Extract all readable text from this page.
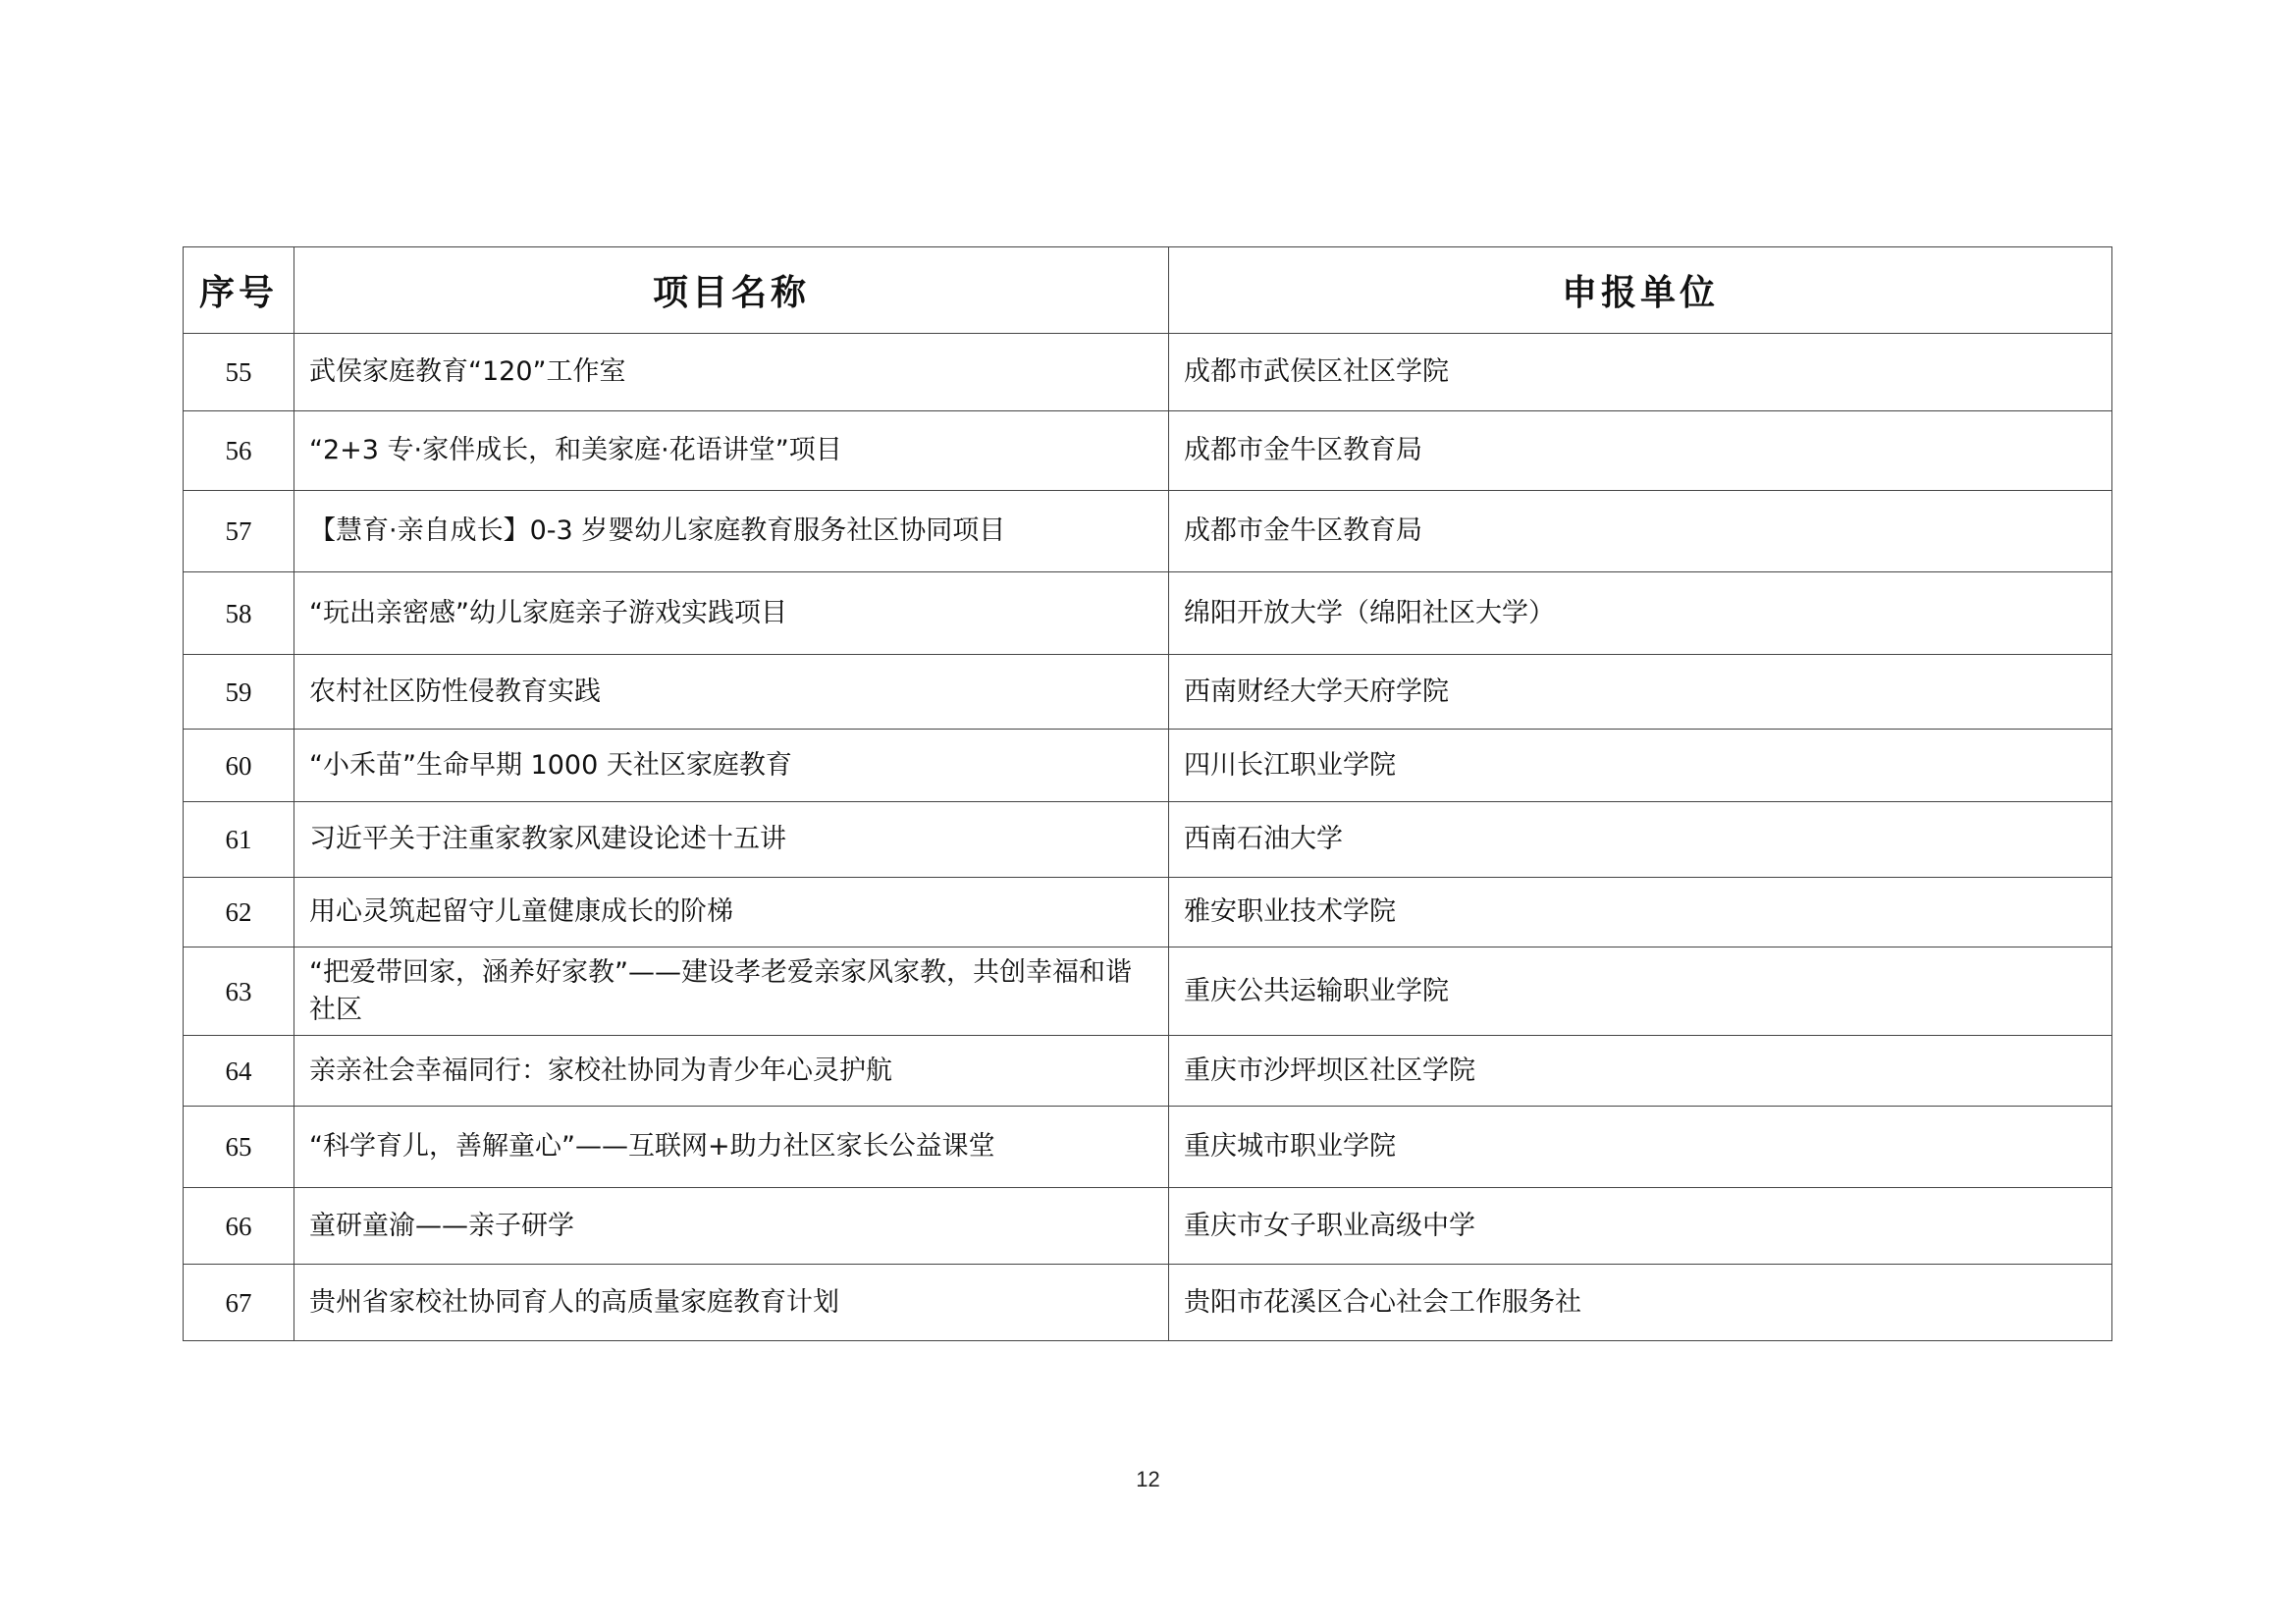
序号	项目名称	申报单位
55	武侯家庭教育“120”工作室	成都市武侯区社区学院
56	“2+3 专·家伴成长，和美家庭·花语讲堂”项目	成都市金牛区教育局
57	【慧育·亲自成长】0-3 岁婴幼儿家庭教育服务社区协同项目	成都市金牛区教育局
58	“玩出亲密感”幼儿家庭亲子游戏实践项目	绵阳开放大学（绵阳社区大学）
59	农村社区防性侵教育实践	西南财经大学天府学院
60	“小禾苗”生命早期 1000 天社区家庭教育	四川长江职业学院
61	习近平关于注重家教家风建设论述十五讲	西南石油大学
62	用心灵筑起留守儿童健康成长的阶梯	雅安职业技术学院
63	“把爱带回家，涵养好家教”——建设孝老爱亲家风家教，共创幸福和谐社区	重庆公共运输职业学院
64	亲亲社会幸福同行：家校社协同为青少年心灵护航	重庆市沙坪坝区社区学院
65	“科学育儿，善解童心”——互联网+助力社区家长公益课堂	重庆城市职业学院
66	童研童渝——亲子研学	重庆市女子职业高级中学
67	贵州省家校社协同育人的高质量家庭教育计划	贵阳市花溪区合心社会工作服务社
12
